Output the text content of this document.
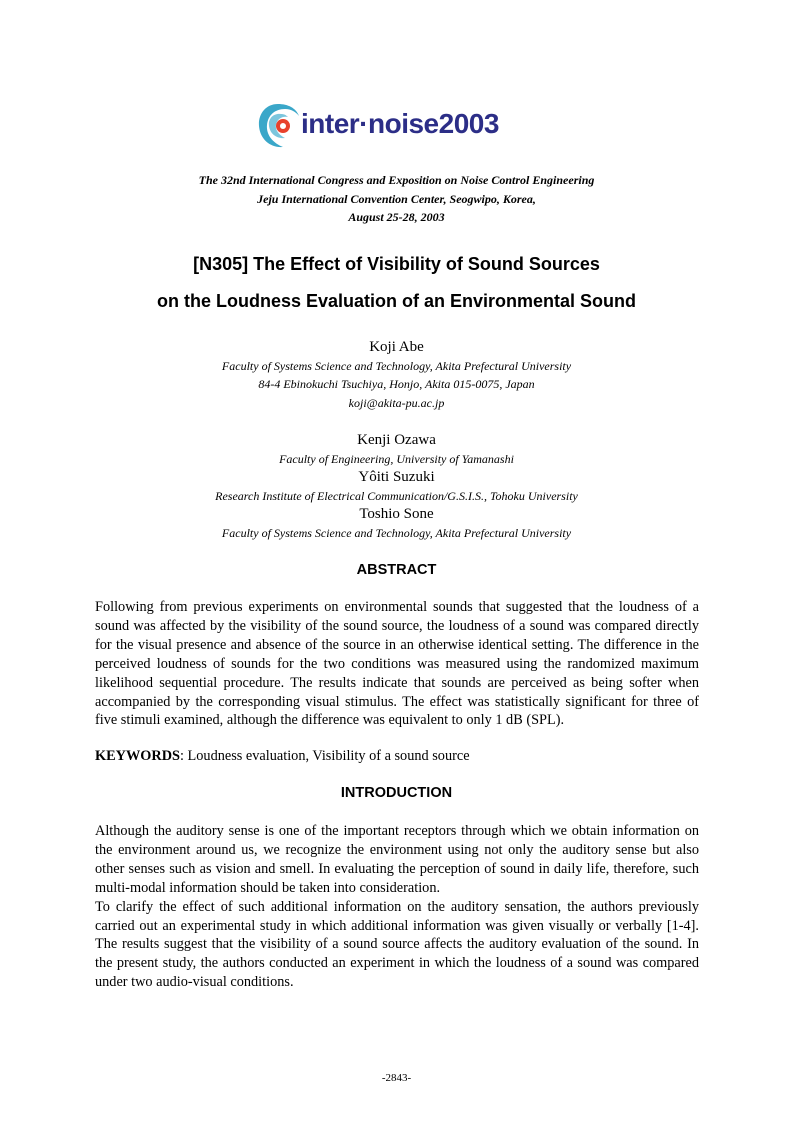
inter·noise2003
The 32nd International Congress and Exposition on Noise Control Engineering
Jeju International Convention Center, Seogwipo, Korea,
August 25-28, 2003
[N305] The Effect of Visibility of Sound Sources
on the Loudness Evaluation of an Environmental Sound
Koji Abe
Faculty of Systems Science and Technology, Akita Prefectural University
84-4 Ebinokuchi Tsuchiya, Honjo, Akita 015-0075, Japan
koji@akita-pu.ac.jp
Kenji Ozawa
Faculty of Engineering, University of Yamanashi
Yôiti Suzuki
Research Institute of Electrical Communication/G.S.I.S., Tohoku University
Toshio Sone
Faculty of Systems Science and Technology, Akita Prefectural University
ABSTRACT

Following from previous experiments on environmental sounds that suggested that the loudness of a sound was affected by the visibility of the sound source, the loudness of a sound was compared directly for the visual presence and absence of the source in an otherwise identical setting. The difference in the perceived loudness of sounds for the two conditions was measured using the randomized maximum likelihood sequential procedure. The results indicate that sounds are perceived as being softer when accompanied by the corresponding visual stimulus. The effect was statistically significant for three of five stimuli examined, although the difference was equivalent to only 1 dB (SPL).

KEYWORDS: Loudness evaluation, Visibility of a sound source
INTRODUCTION

Although the auditory sense is one of the important receptors through which we obtain information on the environment around us, we recognize the environment using not only the auditory sense but also other senses such as vision and smell. In evaluating the perception of sound in daily life, therefore, such multi-modal information should be taken into consideration.

To clarify the effect of such additional information on the auditory sensation, the authors previously carried out an experimental study in which additional information was given visually or verbally [1-4]. The results suggest that the visibility of a sound source affects the auditory evaluation of the sound. In the present study, the authors conducted an experiment in which the loudness of a sound was compared under two audio-visual conditions.

-2843-
